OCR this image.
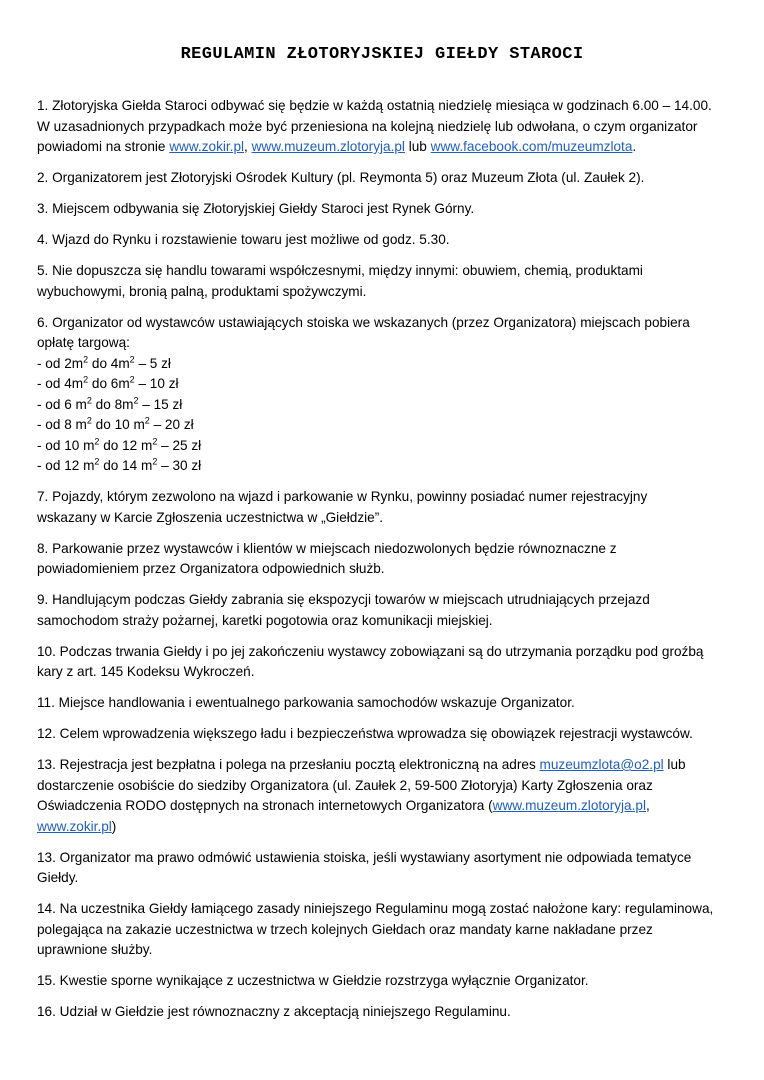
REGULAMIN ZŁOTORYJSKIEJ GIEŁDY STAROCI
1. Złotoryjska Giełda Staroci odbywać się będzie w każdą ostatnią niedzielę miesiąca w godzinach 6.00 – 14.00.
W uzasadnionych przypadkach może być przeniesiona na kolejną niedzielę lub odwołana, o czym organizator
powiadomi na stronie www.zokir.pl, www.muzeum.zlotoryja.pl lub www.facebook.com/muzeumzlota.
2. Organizatorem jest Złotoryjski Ośrodek Kultury (pl. Reymonta 5) oraz Muzeum Złota (ul. Zaułek 2).
3. Miejscem odbywania się Złotoryjskiej Giełdy Staroci jest Rynek Górny.
4. Wjazd do Rynku i rozstawienie towaru jest możliwe od godz. 5.30.
5. Nie dopuszcza się handlu towarami współczesnymi, między innymi: obuwiem, chemią, produktami
wybuchowymi, bronią palną, produktami spożywczymi.
6. Organizator od wystawców ustawiających stoiska we wskazanych (przez Organizatora) miejscach pobiera
opłatę targową:
- od $2m^2$ do $4m^2 - 5$ zł
- od $4m^2$ do $6m^2 - 10$ zł
- od 6 $m^2$ do $8m^2 - 15$ zł
- od 8 $m^2$ do 10 $m^2 - 20$ zł
- od 10 $m^2$ do 12 $m^2 - 25$ zł
- od 12 $m^2$ do 14 $m^2 - 30$ zł
7. Pojazdy, którym zezwolono na wjazd i parkowanie w Rynku, powinny posiadać numer rejestracyjny
wskazany w Karcie Zgłoszenia uczestnictwa w „Giełdzie”.
8. Parkowanie przez wystawców i klientów w miejscach niedozwolonych będzie równoznaczne z
powiadomieniem przez Organizatora odpowiednich służb.
9. Handlującym podczas Giełdy zabrania się ekspozycji towarów w miejscach utrudniających przejazd
samochodom straży pożarnej, karetki pogotowia oraz komunikacji miejskiej.
10. Podczas trwania Giełdy i po jej zakończeniu wystawcy zobowiązani są do utrzymania porządku pod groźbą
kary z art. 145 Kodeksu Wykroczeń.
11. Miejsce handlowania i ewentualnego parkowania samochodów wskazuje Organizator.
12. Celem wprowadzenia większego ładu i bezpieczeństwa wprowadza się obowiązek rejestracji wystawców.
13. Rejestracja jest bezpłatna i polega na przesłaniu pocztą elektroniczną na adres muzeumzlota@o2.pl lub
dostarczenie osobiście do siedziby Organizatora (ul. Zaułek 2, 59-500 Złotoryja) Karty Zgłoszenia oraz
Oświadczenia RODO dostępnych na stronach internetowych Organizatora (www.muzeum.zlotoryja.pl,
www.zokir.pl)
13. Organizator ma prawo odmówić ustawienia stoiska, jeśli wystawiany asortyment nie odpowiada tematyce
Giełdy.
14. Na uczestnika Giełdy łamiącego zasady niniejszego Regulaminu mogą zostać nałożone kary: regulaminowa,
polegająca na zakazie uczestnictwa w trzech kolejnych Giełdach oraz mandaty karne nakładane przez
uprawnione służby.
15. Kwestie sporne wynikające z uczestnictwa w Giełdzie rozstrzyga wyłącznie Organizator.
16. Udział w Giełdzie jest równoznaczny z akceptacją niniejszego Regulaminu.
